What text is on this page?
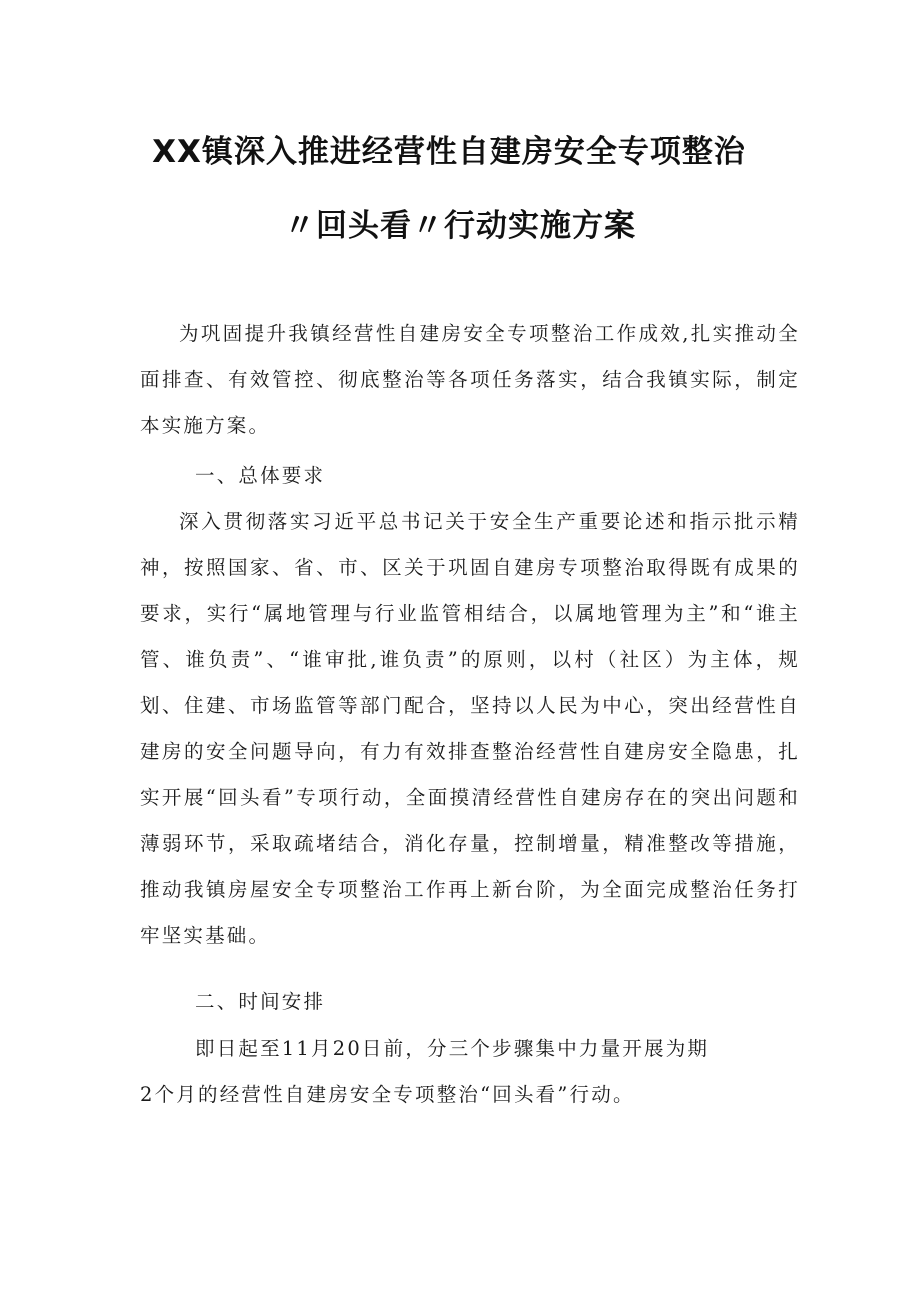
XX镇深入推进经营性自建房安全专项整治
〃回头看〃行动实施方案

为巩固提升我镇经营性自建房安全专项整治工作成效,扎实推动全面排查、有效管控、彻底整治等各项任务落实，结合我镇实际，制定本实施方案。

一、总体要求

深入贯彻落实习近平总书记关于安全生产重要论述和指示批示精神，按照国家、省、市、区关于巩固自建房专项整治取得既有成果的要求，实行“属地管理与行业监管相结合，以属地管理为主”和“谁主管、谁负责”、“谁审批,谁负责”的原则，以村（社区）为主体，规划、住建、市场监管等部门配合，坚持以人民为中心，突出经营性自建房的安全问题导向，有力有效排查整治经营性自建房安全隐患，扎实开展“回头看”专项行动，全面摸清经营性自建房存在的突出问题和薄弱环节，采取疏堵结合，消化存量，控制增量，精准整改等措施，推动我镇房屋安全专项整治工作再上新台阶，为全面完成整治任务打牢坚实基础。

二、时间安排

即日起至11月20日前，分三个步骤集中力量开展为期

2个月的经营性自建房安全专项整治“回头看”行动。
